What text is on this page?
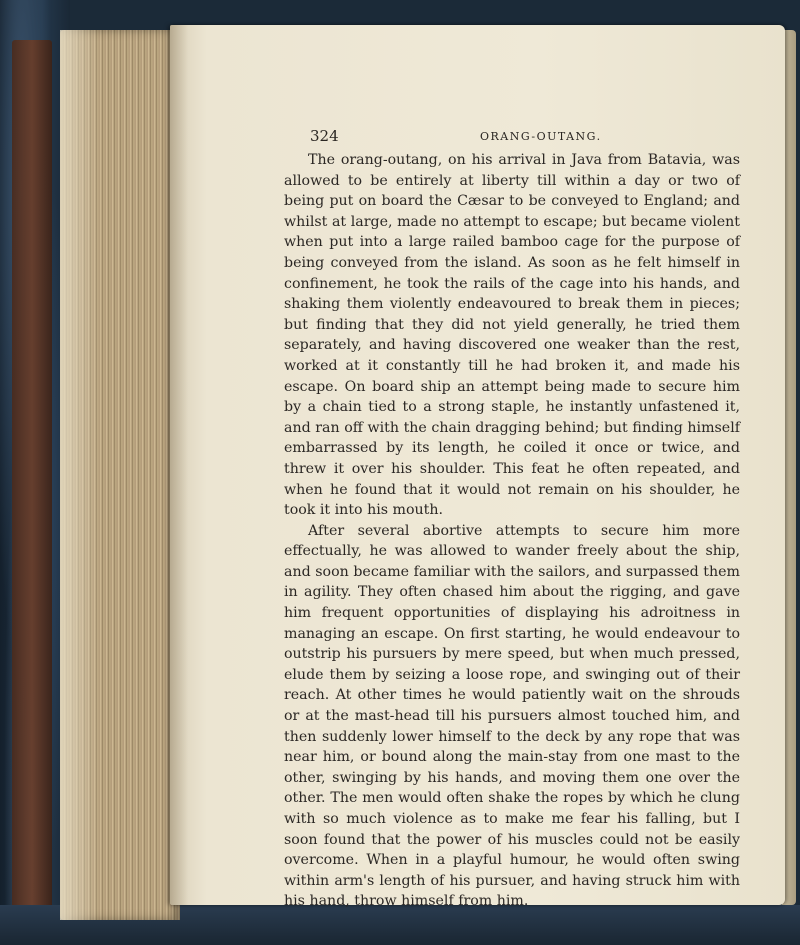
324	ORANG-OUTANG.

The orang-outang, on his arrival in Java from Batavia, was allowed to be entirely at liberty till within a day or two of being put on board the Cæsar to be conveyed to England; and whilst at large, made no attempt to escape; but became violent when put into a large railed bamboo cage for the purpose of being conveyed from the island. As soon as he felt himself in confinement, he took the rails of the cage into his hands, and shaking them violently endeavoured to break them in pieces; but finding that they did not yield generally, he tried them separately, and having discovered one weaker than the rest, worked at it constantly till he had broken it, and made his escape. On board ship an attempt being made to secure him by a chain tied to a strong staple, he instantly unfastened it, and ran off with the chain dragging behind; but finding himself embarrassed by its length, he coiled it once or twice, and threw it over his shoulder. This feat he often repeated, and when he found that it would not remain on his shoulder, he took it into his mouth.

After several abortive attempts to secure him more effectually, he was allowed to wander freely about the ship, and soon became familiar with the sailors, and surpassed them in agility. They often chased him about the rigging, and gave him frequent opportunities of displaying his adroitness in managing an escape. On first starting, he would endeavour to outstrip his pursuers by mere speed, but when much pressed, elude them by seizing a loose rope, and swinging out of their reach. At other times he would patiently wait on the shrouds or at the mast-head till his pursuers almost touched him, and then suddenly lower himself to the deck by any rope that was near him, or bound along the main-stay from one mast to the other, swinging by his hands, and moving them one over the other. The men would often shake the ropes by which he clung with so much violence as to make me fear his falling, but I soon found that the power of his muscles could not be easily overcome. When in a playful humour, he would often swing within arm's length of his pursuer, and having struck him with his hand, throw himself from him.
